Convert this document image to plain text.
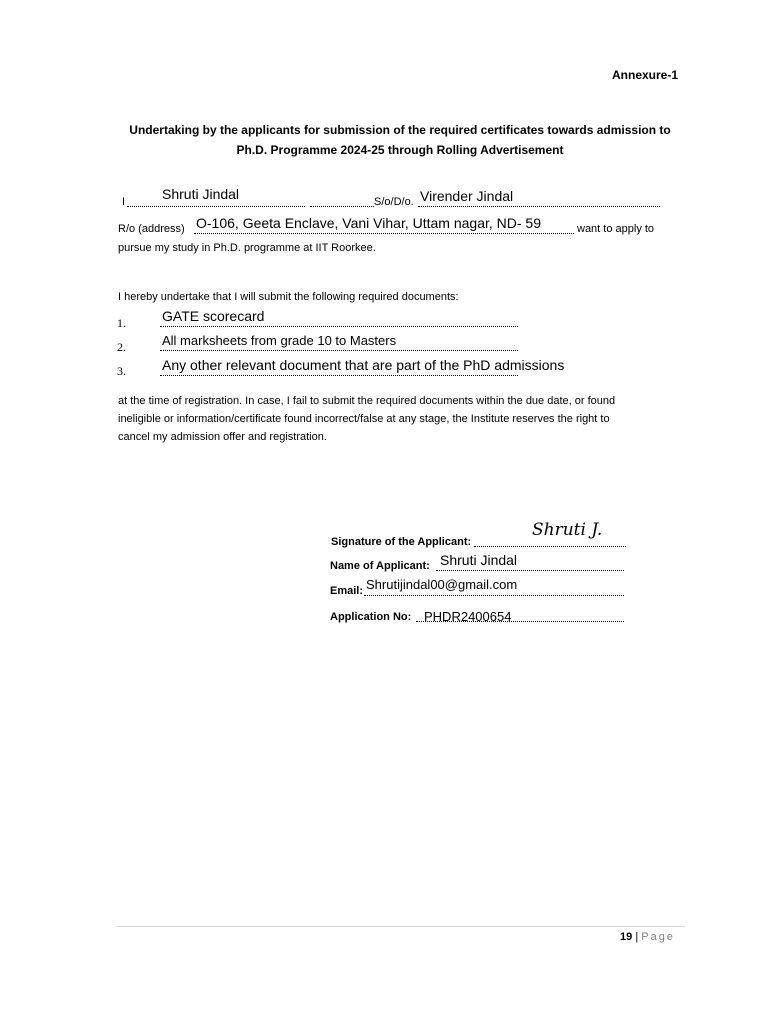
Annexure-1
Undertaking by the applicants for submission of the required certificates towards admission to
Ph.D. Programme 2024-25 through Rolling Advertisement
I	Shruti Jindal	S/o/D/o. Virender Jindal
R/o (address) O-106, Geeta Enclave, Vani Vihar, Uttam nagar, ND- 59	want to apply to
pursue my study in Ph.D. programme at IIT Roorkee.
I hereby undertake that I will submit the following required documents:
1.	GATE scorecard
2.	All marksheets from grade 10 to Masters
3.	Any other relevant document that are part of the PhD admissions
at the time of registration. In case, I fail to submit the required documents within the due date, or found
ineligible or information/certificate found incorrect/false at any stage, the Institute reserves the right to
cancel my admission offer and registration.
Signature of the Applicant:
Shruti J.
Name of Applicant: Shruti Jindal
Email: Shrutijindal00@gmail.com
Application No: PHDR2400654
19 | Page
